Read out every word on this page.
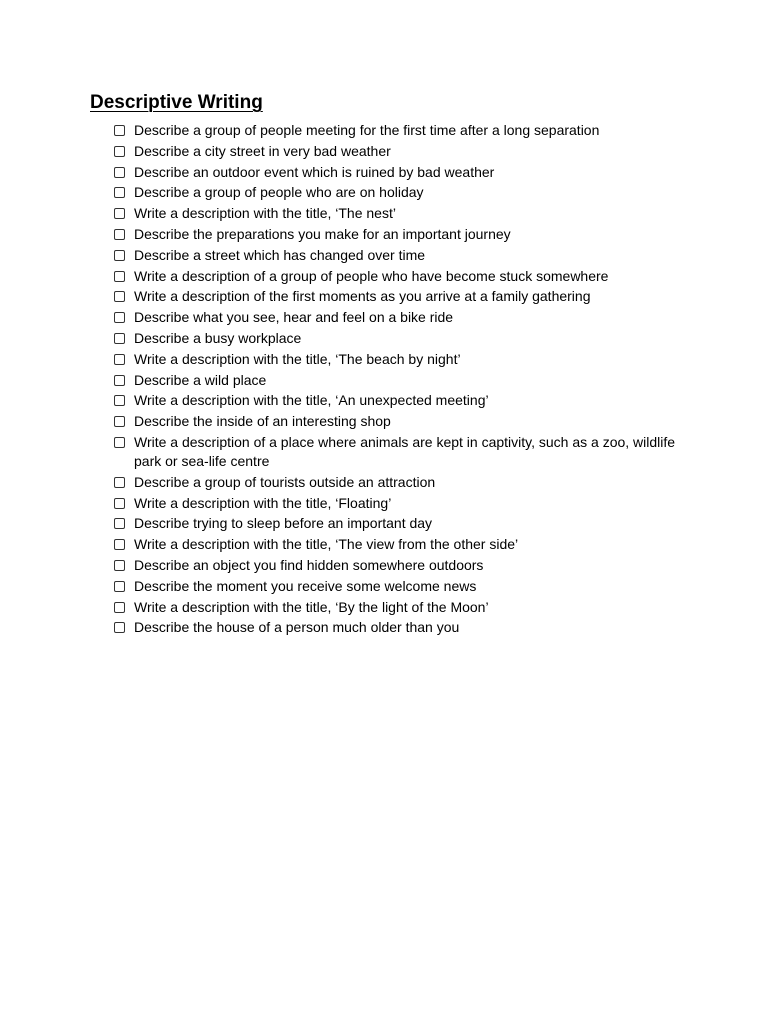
Descriptive Writing
Describe a group of people meeting for the first time after a long separation
Describe a city street in very bad weather
Describe an outdoor event which is ruined by bad weather
Describe a group of people who are on holiday
Write a description with the title, ‘The nest’
Describe the preparations you make for an important journey
Describe a street which has changed over time
Write a description of a group of people who have become stuck somewhere
Write a description of the first moments as you arrive at a family gathering
Describe what you see, hear and feel on a bike ride
Describe a busy workplace
Write a description with the title, ‘The beach by night’
Describe a wild place
Write a description with the title, ‘An unexpected meeting’
Describe the inside of an interesting shop
Write a description of a place where animals are kept in captivity, such as a zoo, wildlife park or sea-life centre
Describe a group of tourists outside an attraction
Write a description with the title, ‘Floating’
Describe trying to sleep before an important day
Write a description with the title, ‘The view from the other side’
Describe an object you find hidden somewhere outdoors
Describe the moment you receive some welcome news
Write a description with the title, ‘By the light of the Moon’
Describe the house of a person much older than you
